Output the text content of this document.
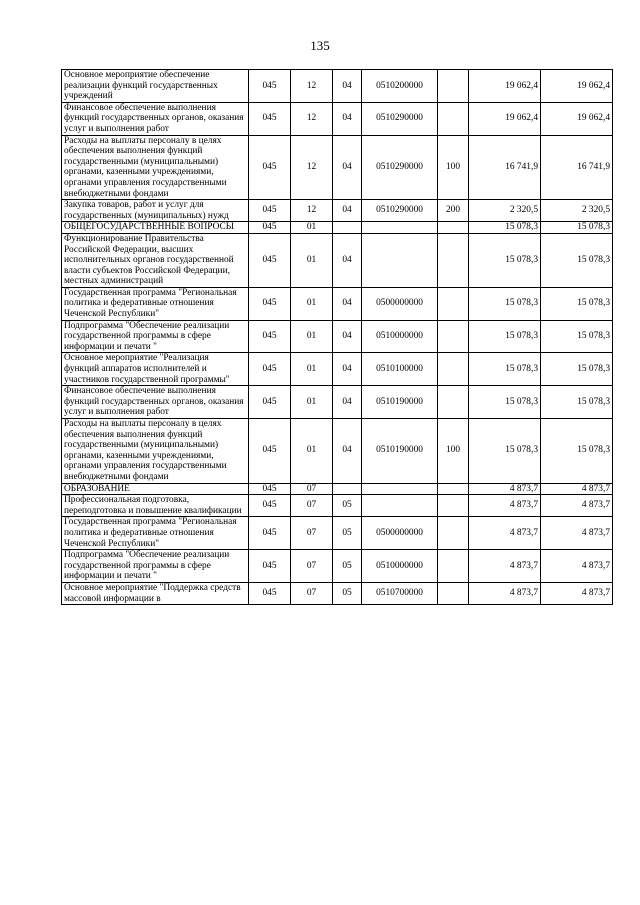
135
Основное мероприятие обеспечение реализации функций государственных учреждений	045	12	04	0510200000		19 062,4	19 062,4
Финансовое обеспечение выполнения функций государственных органов, оказания услуг и выполнения работ	045	12	04	0510290000		19 062,4	19 062,4
Расходы на выплаты персоналу в целях обеспечения выполнения функций государственными (муниципальными) органами, казенными учреждениями, органами управления государственными внебюджетными фондами	045	12	04	0510290000	100	16 741,9	16 741,9
Закупка товаров, работ и услуг для государственных (муниципальных) нужд	045	12	04	0510290000	200	2 320,5	2 320,5
ОБЩЕГОСУДАРСТВЕННЫЕ ВОПРОСЫ	045	01				15 078,3	15 078,3
Функционирование Правительства Российской Федерации, высших исполнительных органов государственной власти субъектов Российской Федерации, местных администраций	045	01	04			15 078,3	15 078,3
Государственная программа "Региональная политика и федеративные отношения Чеченской Республики"	045	01	04	0500000000		15 078,3	15 078,3
Подпрограмма "Обеспечение реализации государственной программы в сфере информации и печати "	045	01	04	0510000000		15 078,3	15 078,3
Основное мероприятие "Реализация функций аппаратов исполнителей и участников государственной программы"	045	01	04	0510100000		15 078,3	15 078,3
Финансовое обеспечение выполнения функций государственных органов, оказания услуг и выполнения работ	045	01	04	0510190000		15 078,3	15 078,3
Расходы на выплаты персоналу в целях обеспечения выполнения функций государственными (муниципальными) органами, казенными учреждениями, органами управления государственными внебюджетными фондами	045	01	04	0510190000	100	15 078,3	15 078,3
ОБРАЗОВАНИЕ	045	07				4 873,7	4 873,7
Профессиональная подготовка, переподготовка и повышение квалификации	045	07	05			4 873,7	4 873,7
Государственная программа "Региональная политика и федеративные отношения Чеченской Республики"	045	07	05	0500000000		4 873,7	4 873,7
Подпрограмма "Обеспечение реализации государственной программы в сфере информации и печати "	045	07	05	0510000000		4 873,7	4 873,7
Основное мероприятие "Поддержка средств массовой информации в	045	07	05	0510700000		4 873,7	4 873,7
